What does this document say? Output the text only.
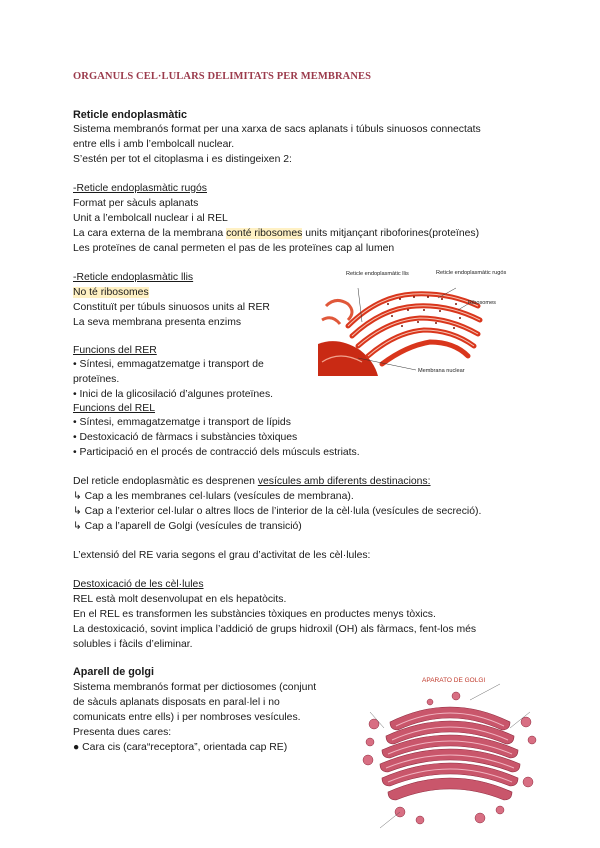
ORGANULS CEL·LULARS DELIMITATS PER MEMBRANES
Reticle endoplasmàtic
Sistema membranós format per una xarxa de sacs aplanats i túbuls sinuosos connectats
entre ells i amb l’embolcall nuclear.
S’estén per tot el citoplasma i es distingeixen 2:
-Reticle endoplasmàtic rugós
Format per sàculs aplanats
Unit a l’embolcall nuclear i al REL
La cara externa de la membrana conté ribosomes units mitjançant riboforines(proteïnes)
Les proteïnes de canal permeten el pas de les proteïnes cap al lumen
-Reticle endoplasmàtic llis
No té ribosomes
Constituït per túbuls sinuosos units al RER
La seva membrana presenta enzims
Reticle endoplasmàtic llis	Reticle endoplasmàtic rugós
Ribosomes
Membrana nuclear
Funcions del RER
• Síntesi, emmagatzematge i transport de
proteïnes.
• Inici de la glicosilació d’algunes proteïnes.
Funcions del REL
• Síntesi, emmagatzematge i transport de lípids
• Destoxicació de fàrmacs i substàncies tòxiques
• Participació en el procés de contracció dels músculs estriats.
Del reticle endoplasmàtic es desprenen vesícules amb diferents destinacions:
↳ Cap a les membranes cel·lulars (vesícules de membrana).
↳ Cap a l’exterior cel·lular o altres llocs de l’interior de la cèl·lula (vesícules de secreció).
↳ Cap a l’aparell de Golgi (vesícules de transició)
L’extensió del RE varia segons el grau d’activitat de les cèl·lules:
Destoxicació de les cèl·lules
REL està molt desenvolupat en els hepatòcits.
En el REL es transformen les substàncies tòxiques en productes menys tòxics.
La destoxicació, sovint implica l’addició de grups hidroxil (OH) als fàrmacs, fent-los més
solubles i fàcils d’eliminar.
Aparell de golgi
Sistema membranós format per dictiosomes (conjunt
de sàculs aplanats disposats en paral·lel i no
comunicats entre ells) i per nombroses vesícules.
Presenta dues cares:
● Cara cis (cara“receptora”, orientada cap RE)
APARATO DE GOLGI
